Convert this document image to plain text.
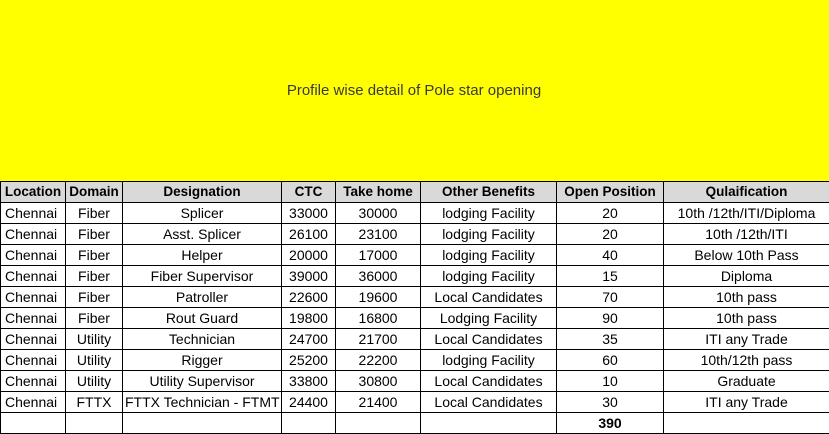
Profile wise detail of Pole star opening
Location	Domain	Designation	CTC	Take home	Other Benefits	Open Position	Qulaification
Chennai	Fiber	Splicer	33000	30000	lodging Facility	20	10th /12th/ITI/Diploma
Chennai	Fiber	Asst. Splicer	26100	23100	lodging Facility	20	10th /12th/ITI
Chennai	Fiber	Helper	20000	17000	lodging Facility	40	Below 10th Pass
Chennai	Fiber	Fiber Supervisor	39000	36000	lodging Facility	15	Diploma
Chennai	Fiber	Patroller	22600	19600	Local Candidates	70	10th pass
Chennai	Fiber	Rout Guard	19800	16800	Lodging Facility	90	10th pass
Chennai	Utility	Technician	24700	21700	Local Candidates	35	ITI any Trade
Chennai	Utility	Rigger	25200	22200	lodging Facility	60	10th/12th pass
Chennai	Utility	Utility Supervisor	33800	30800	Local Candidates	10	Graduate
Chennai	FTTX	FTTX Technician - FTMT	24400	21400	Local Candidates	30	ITI any Trade
						390	
